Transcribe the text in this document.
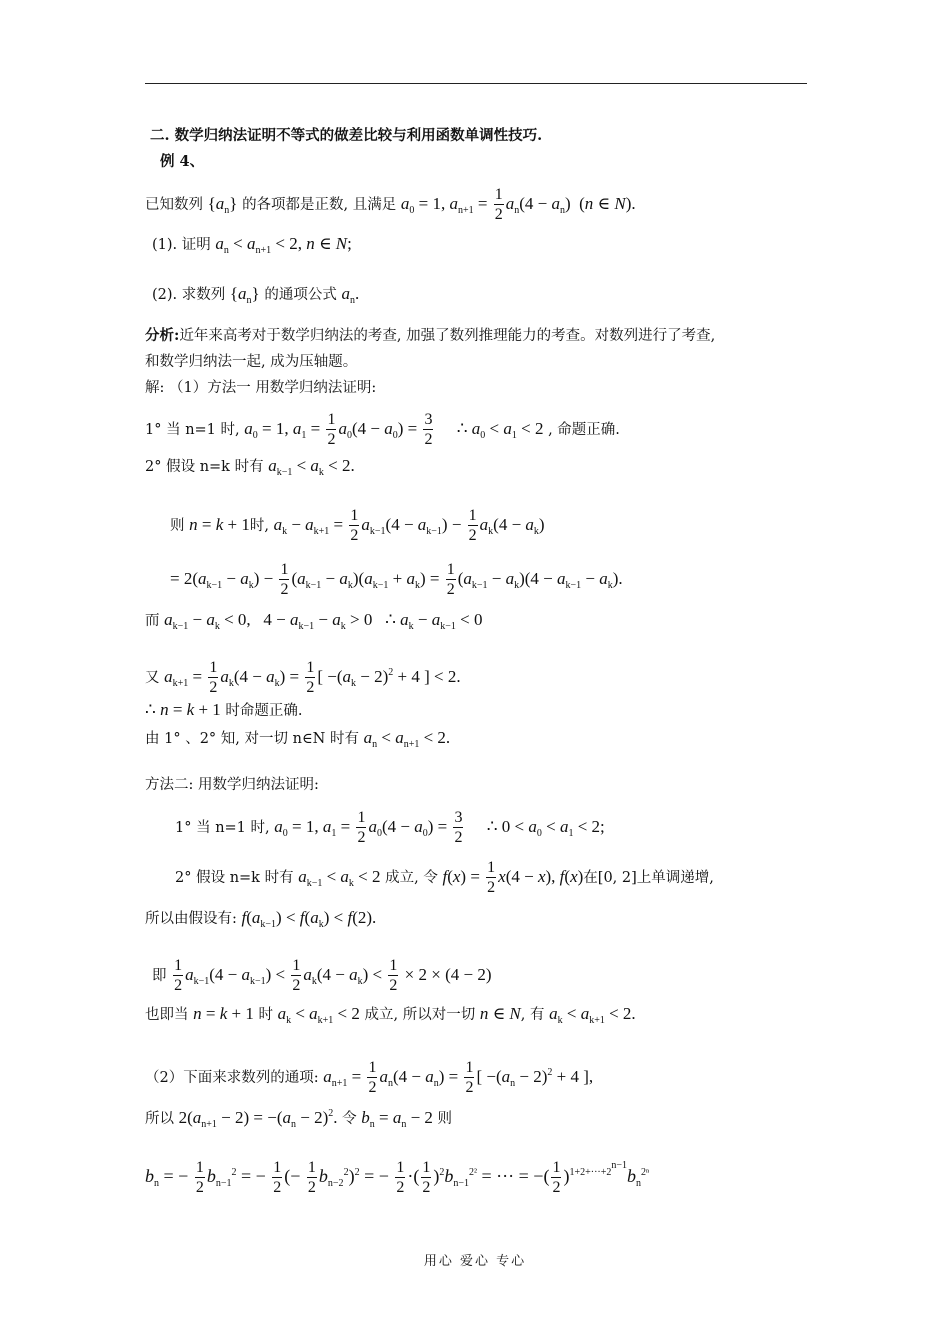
二. 数学归纳法证明不等式的做差比较与利用函数单调性技巧.
例 4、
已知数列 $\{a_n\}$ 的各项都是正数, 且满足 $a_0 = 1$, $a_{n+1} = \frac{1}{2} a_n(4 - a_n)$  (n ∈ N).
(1). 证明 $a_n < a_{n+1} < 2$, n ∈ N;
(2). 求数列 $\{a_n\}$ 的通项公式 $a_n$.
分析:近年来高考对于数学归纳法的考查, 加强了数列推理能力的考查。对数列进行了考查,
和数学归纳法一起, 成为压轴题。
解: （1）方法一 用数学归纳法证明:
1° 当 n=1 时, $a_0 = 1$, $a_1 = \frac{1}{2} a_0(4 - a_0) = \frac{3}{2}$ ∴ $a_0 < a_1 < 2$ , 命题正确.
2° 假设 n=k 时有 $a_{k-1} < a_k < 2$.
则 n = k + 1时, $a_k - a_{k+1} = \frac{1}{2} a_{k-1}(4 - a_{k-1}) - \frac{1}{2} a_k(4 - a_k)$
= $2(a_{k-1} - a_k) - \frac{1}{2} (a_{k-1} - a_k)(a_{k-1} + a_k) = \frac{1}{2} (a_{k-1} - a_k)(4 - a_{k-1} - a_k)$.
而 $a_{k-1} - a_k < 0$,   $4 - a_{k-1} - a_k > 0$   ∴ $a_k - a_{k-1} < 0$
又 $a_{k+1} = \frac{1}{2} a_k(4 - a_k) = \frac{1}{2}$ [ $-(a_k - 2)^2 + 4$ ] < 2.
∴ n = k + 1 时命题正确.
由 1° 、2° 知, 对一切 n∈N 时有 $a_n < a_{n+1} < 2$.
方法二: 用数学归纳法证明:
1° 当 n=1 时, $a_0 = 1$, $a_1 = \frac{1}{2} a_0(4 - a_0) = \frac{3}{2}$ ∴ $0 < a_0 < a_1 < 2$;
2° 假设 n=k 时有 $a_{k-1} < a_k < 2$ 成立, 令 $f(x) = \frac{1}{2} x(4 - x)$, f(x)在[0, 2]上单调递增,
所以由假设有: $f(a_{k-1}) < f(a_k) < f(2)$.
即 $\frac{1}{2} a_{k-1}(4 - a_{k-1}) < \frac{1}{2} a_k(4 - a_k) < \frac{1}{2} \times 2 \times (4 - 2)$
也即当 n = k + 1 时 $a_k < a_{k+1} < 2$ 成立, 所以对一切 n ∈ N, 有 $a_k < a_{k+1} < 2$.
（2）下面来求数列的通项: $a_{n+1} = \frac{1}{2} a_n(4 - a_n) = \frac{1}{2}$ [ $-(a_n - 2)^2 + 4$ ],
所以 $2(a_{n+1} - 2) = -(a_n - 2)^2$. 令 $b_n = a_n - 2$ 则
$b_n$ = − $\frac{1}{2} b_{n-1}^2$ = − $\frac{1}{2}$ (− $\frac{1}{2} b_{n-2}^2)^2$ = − $\frac{1}{2}$ ·( $\frac{1}{2} )^2b_{n-1}^{2^2}$ = ··· = −( $\frac{1}{2} )^{1+2+\cdot\cdot\cdot+2^{n-1}}b_n^{2^n}$
用心 爱心 专心
